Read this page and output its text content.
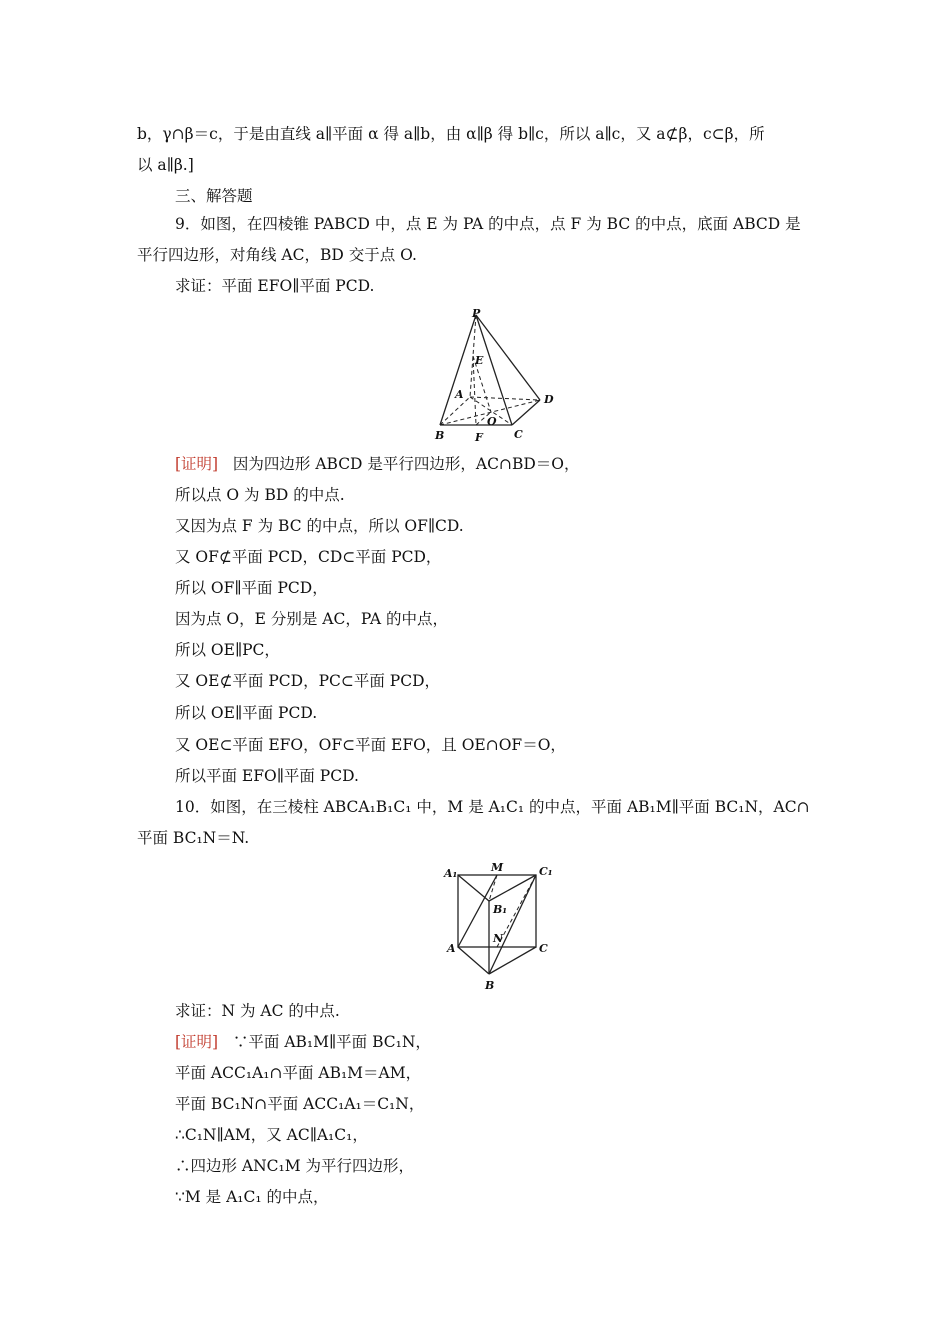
b，γ∩β＝c，于是由直线 a∥平面 α 得 a∥b，由 α∥β 得 b∥c，所以 a∥c，又 a⊄β，c⊂β，所
以 a∥β.]
三、解答题
9．如图，在四棱锥 PABCD 中，点 E 为 PA 的中点，点 F 为 BC 的中点，底面 ABCD 是
平行四边形，对角线 AC，BD 交于点 O.
求证：平面 EFO∥平面 PCD.
P
E
A	D
O
B	F	C
[证明] 因为四边形 ABCD 是平行四边形，AC∩BD＝O，
所以点 O 为 BD 的中点.
又因为点 F 为 BC 的中点，所以 OF∥CD.
又 OF⊄平面 PCD，CD⊂平面 PCD，
所以 OF∥平面 PCD，
因为点 O，E 分别是 AC，PA 的中点，
所以 OE∥PC，
又 OE⊄平面 PCD，PC⊂平面 PCD，
所以 OE∥平面 PCD.
又 OE⊂平面 EFO，OF⊂平面 EFO，且 OE∩OF＝O，
所以平面 EFO∥平面 PCD.
10．如图，在三棱柱 ABCA₁B₁C₁ 中，M 是 A₁C₁ 的中点，平面 AB₁M∥平面 BC₁N，AC∩
平面 BC₁N＝N.
A₁	M	C₁
B₁
N
A	C
B
求证：N 为 AC 的中点.
[证明] ∵平面 AB₁M∥平面 BC₁N，
平面 ACC₁A₁∩平面 AB₁M＝AM，
平面 BC₁N∩平面 ACC₁A₁＝C₁N，
∴C₁N∥AM，又 AC∥A₁C₁，
∴四边形 ANC₁M 为平行四边形，
∵M 是 A₁C₁ 的中点，
